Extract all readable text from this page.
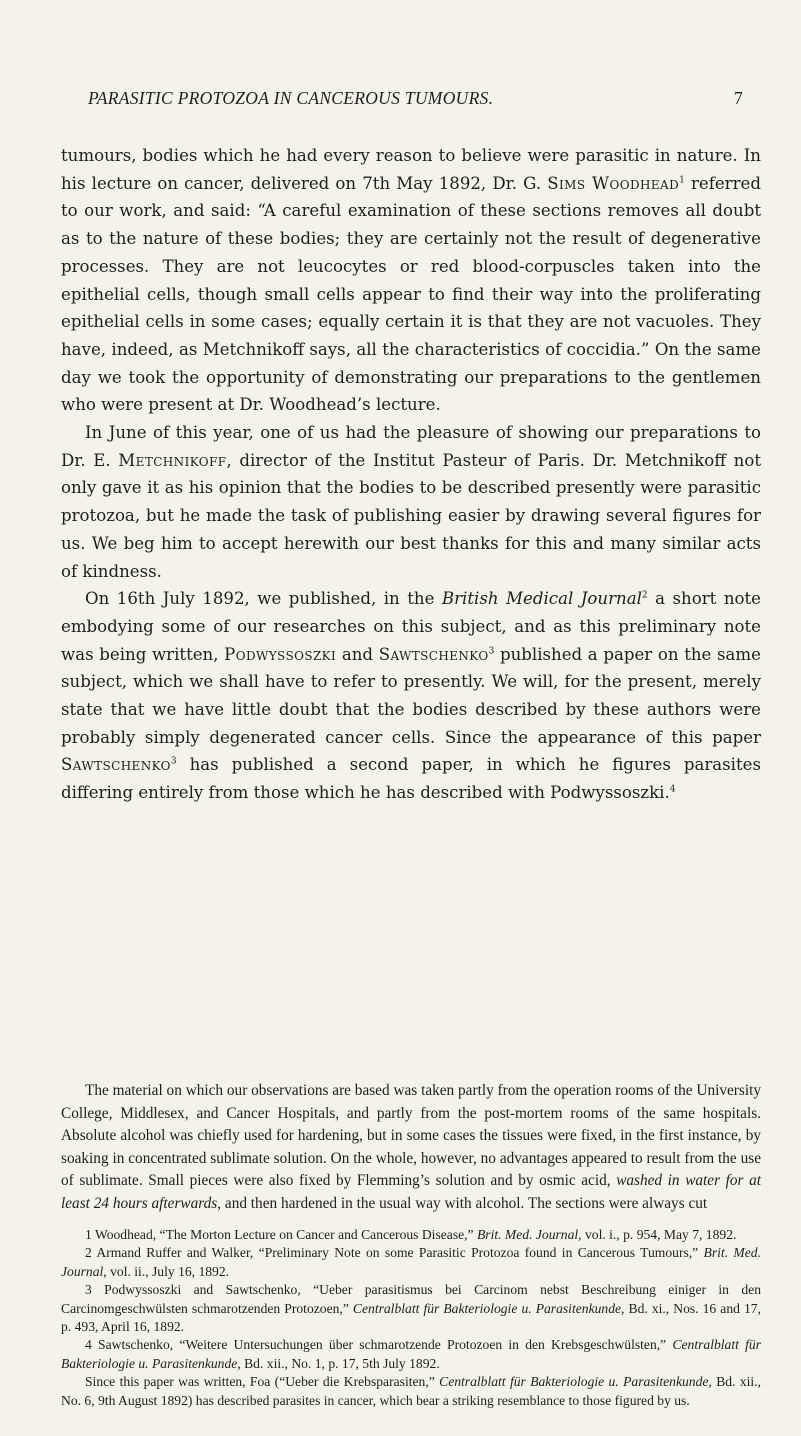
PARASITIC PROTOZOA IN CANCEROUS TUMOURS.	7

tumours, bodies which he had every reason to believe were parasitic in nature. In his lecture on cancer, delivered on 7th May 1892, Dr. G. Sims Woodhead$^1$ referred to our work, and said: “A careful examination of these sections removes all doubt as to the nature of these bodies; they are certainly not the result of degenerative processes. They are not leucocytes or red blood-corpuscles taken into the epithelial cells, though small cells appear to find their way into the proliferating epithelial cells in some cases; equally certain it is that they are not vacuoles. They have, indeed, as Metchnikoff says, all the characteristics of coccidia.” On the same day we took the opportunity of demonstrating our preparations to the gentlemen who were present at Dr. Woodhead’s lecture.

In June of this year, one of us had the pleasure of showing our preparations to Dr. E. Metchnikoff, director of the Institut Pasteur of Paris. Dr. Metchnikoff not only gave it as his opinion that the bodies to be described presently were parasitic protozoa, but he made the task of publishing easier by drawing several figures for us. We beg him to accept herewith our best thanks for this and many similar acts of kindness.

On 16th July 1892, we published, in the British Medical Journal$^2$ a short note embodying some of our researches on this subject, and as this preliminary note was being written, Podwyssoszki and Sawtschenko$^3$ published a paper on the same subject, which we shall have to refer to presently. We will, for the present, merely state that we have little doubt that the bodies described by these authors were probably simply degenerated cancer cells. Since the appearance of this paper Sawtschenko$^3$ has published a second paper, in which he figures parasites differing entirely from those which he has described with Podwyssoszki.$^4$

The material on which our observations are based was taken partly from the operation rooms of the University College, Middlesex, and Cancer Hospitals, and partly from the post-mortem rooms of the same hospitals. Absolute alcohol was chiefly used for hardening, but in some cases the tissues were fixed, in the first instance, by soaking in concentrated sublimate solution. On the whole, however, no advantages appeared to result from the use of sublimate. Small pieces were also fixed by Flemming’s solution and by osmic acid, washed in water for at least 24 hours afterwards, and then hardened in the usual way with alcohol. The sections were always cut

1 Woodhead, “The Morton Lecture on Cancer and Cancerous Disease,” Brit. Med. Journal, vol. i., p. 954, May 7, 1892.

2 Armand Ruffer and Walker, “Preliminary Note on some Parasitic Protozoa found in Cancerous Tumours,” Brit. Med. Journal, vol. ii., July 16, 1892.

3 Podwyssoszki and Sawtschenko, “Ueber parasitismus bei Carcinom nebst Beschreibung einiger in den Carcinomgeschwülsten schmarotzenden Protozoen,” Centralblatt für Bakteriologie u. Parasitenkunde, Bd. xi., Nos. 16 and 17, p. 493, April 16, 1892.

4 Sawtschenko, “Weitere Untersuchungen über schmarotzende Protozoen in den Krebsgeschwülsten,” Centralblatt für Bakteriologie u. Parasitenkunde, Bd. xii., No. 1, p. 17, 5th July 1892.

Since this paper was written, Foa (“Ueber die Krebsparasiten,” Centralblatt für Bakteriologie u. Parasitenkunde, Bd. xii., No. 6, 9th August 1892) has described parasites in cancer, which bear a striking resemblance to those figured by us.
